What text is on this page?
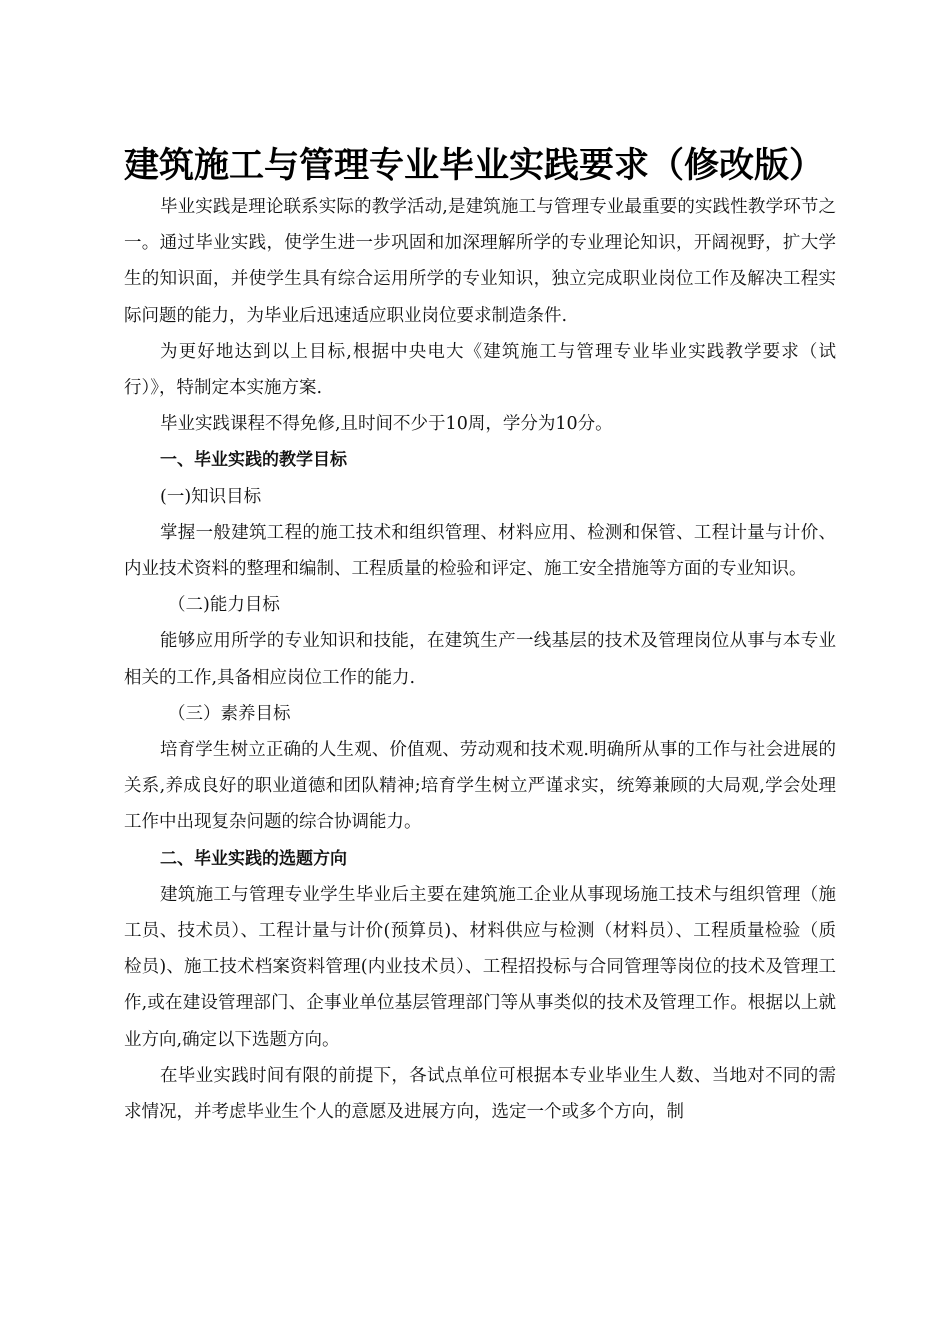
建筑施工与管理专业毕业实践要求（修改版）

毕业实践是理论联系实际的教学活动,是建筑施工与管理专业最重要的实践性教学环节之一。通过毕业实践，使学生进一步巩固和加深理解所学的专业理论知识，开阔视野，扩大学生的知识面，并使学生具有综合运用所学的专业知识，独立完成职业岗位工作及解决工程实际问题的能力，为毕业后迅速适应职业岗位要求制造条件.

为更好地达到以上目标,根据中央电大《建筑施工与管理专业毕业实践教学要求（试行）》，特制定本实施方案.

毕业实践课程不得免修,且时间不少于10周，学分为10分。

一、毕业实践的教学目标

(一)知识目标

掌握一般建筑工程的施工技术和组织管理、材料应用、检测和保管、工程计量与计价、内业技术资料的整理和编制、工程质量的检验和评定、施工安全措施等方面的专业知识。

（二)能力目标

能够应用所学的专业知识和技能，在建筑生产一线基层的技术及管理岗位从事与本专业相关的工作,具备相应岗位工作的能力.

（三）素养目标

培育学生树立正确的人生观、价值观、劳动观和技术观.明确所从事的工作与社会进展的关系,养成良好的职业道德和团队精神;培育学生树立严谨求实，统筹兼顾的大局观,学会处理工作中出现复杂问题的综合协调能力。

二、毕业实践的选题方向

建筑施工与管理专业学生毕业后主要在建筑施工企业从事现场施工技术与组织管理（施工员、技术员）、工程计量与计价(预算员)、材料供应与检测（材料员）、工程质量检验（质检员)、施工技术档案资料管理(内业技术员）、工程招投标与合同管理等岗位的技术及管理工作,或在建设管理部门、企事业单位基层管理部门等从事类似的技术及管理工作。根据以上就业方向,确定以下选题方向。

在毕业实践时间有限的前提下，各试点单位可根据本专业毕业生人数、当地对不同的需求情况，并考虑毕业生个人的意愿及进展方向，选定一个或多个方向，制
